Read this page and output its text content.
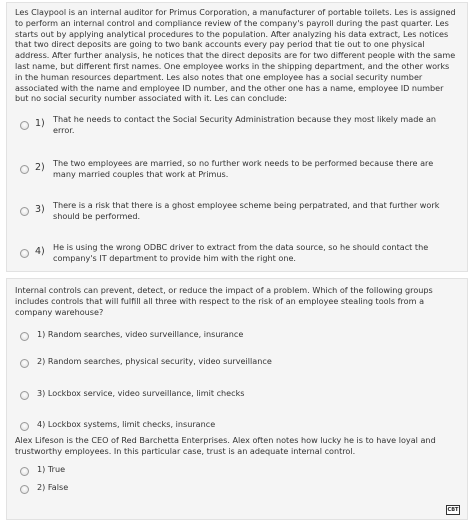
Les Claypool is an internal auditor for Primus Corporation, a manufacturer of portable toilets. Les is assigned to perform an internal control and compliance review of the company's payroll during the past quarter. Les starts out by applying analytical procedures to the population. After analyzing his data extract, Les notices that two direct deposits are going to two bank accounts every pay period that tie out to one physical address. After further analysis, he notices that the direct deposits are for two different people with the same last name, but different first names. One employee works in the shipping department, and the other works in the human resources department. Les also notes that one employee has a social security number associated with the name and employee ID number, and the other one has a name, employee ID number but no social security number associated with it. Les can conclude:

1)	That he needs to contact the Social Security Administration because they most likely made an error.
2)	The two employees are married, so no further work needs to be performed because there are many married couples that work at Primus.
3)	There is a risk that there is a ghost employee scheme being perpatrated, and that further work should be performed.
4)	He is using the wrong ODBC driver to extract from the data source, so he should contact the company's IT department to provide him with the right one.

Internal controls can prevent, detect, or reduce the impact of a problem. Which of the following groups includes controls that will fulfill all three with respect to the risk of an employee stealing tools from a company warehouse?

1) Random searches, video surveillance, insurance
2) Random searches, physical security, video surveillance
3) Lockbox service, video surveillance, limit checks
4) Lockbox systems, limit checks, insurance

Alex Lifeson is the CEO of Red Barchetta Enterprises. Alex often notes how lucky he is to have loyal and trustworthy employees. In this particular case, trust is an adequate internal control.

1) True
2) False
CBT
